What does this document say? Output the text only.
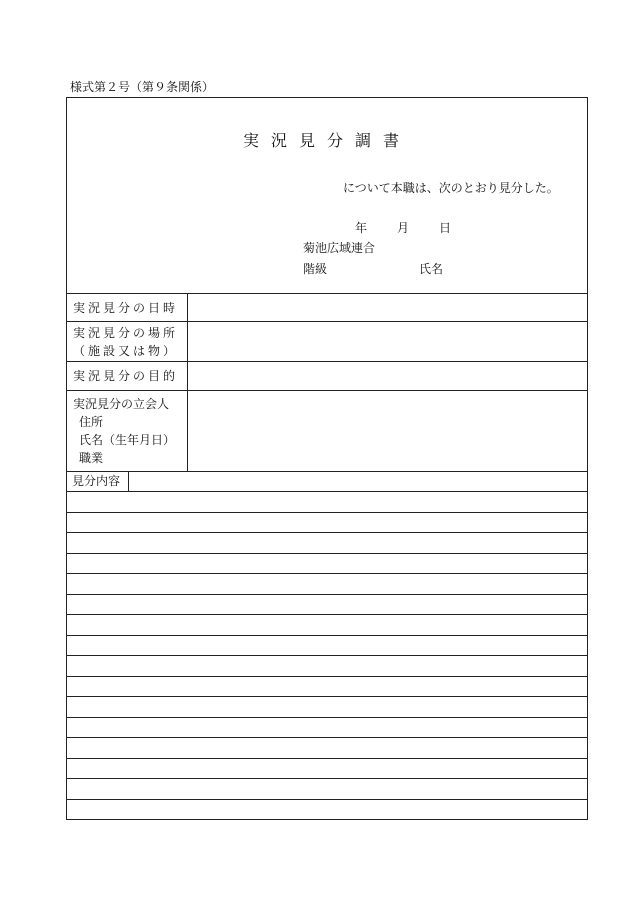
様式第２号（第９条関係）
実況見分調書
について本職は、次のとおり見分した。
年 月 日
菊池広域連合
階級	氏名
実況見分の日時	

実況見分の場所
（施設又は物）	

実況見分の目的	

実況見分の立会人
住所
氏名（生年月日）
職業	

見分内容
